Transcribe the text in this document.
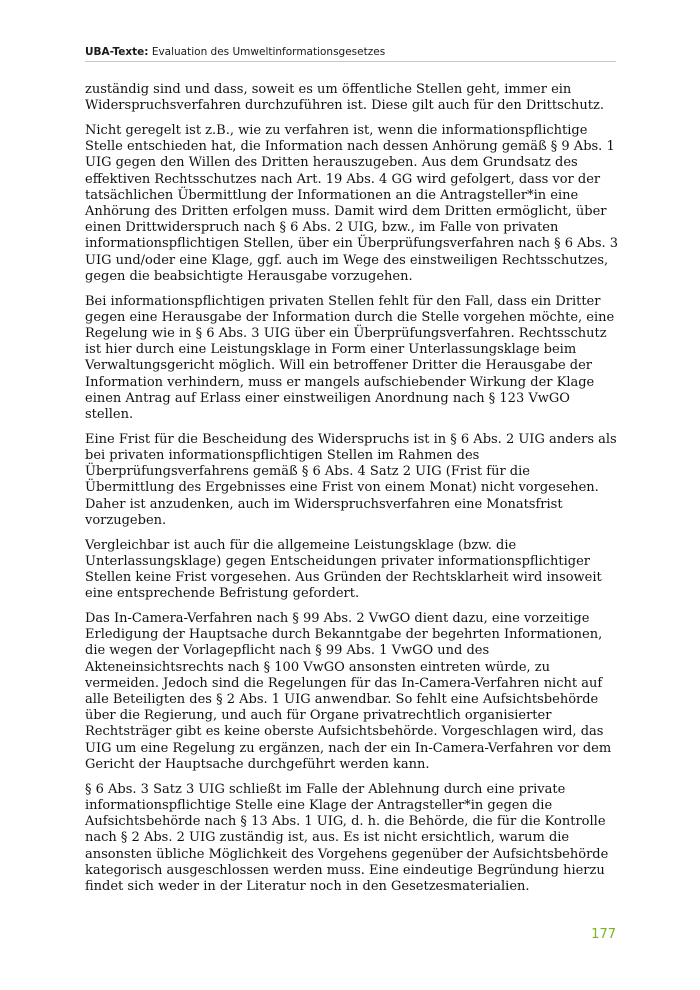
UBA-Texte: Evaluation des Umweltinformationsgesetzes

zuständig sind und dass, soweit es um öffentliche Stellen geht, immer ein Widerspruchsverfahren durchzuführen ist. Diese gilt auch für den Drittschutz.

Nicht geregelt ist z.B., wie zu verfahren ist, wenn die informationspflichtige Stelle entschieden hat, die Information nach dessen Anhörung gemäß § 9 Abs. 1 UIG gegen den Willen des Dritten herauszugeben. Aus dem Grundsatz des effektiven Rechtsschutzes nach Art. 19 Abs. 4 GG wird gefolgert, dass vor der tatsächlichen Übermittlung der Informationen an die Antragsteller*in eine Anhörung des Dritten erfolgen muss. Damit wird dem Dritten ermöglicht, über einen Drittwiderspruch nach § 6 Abs. 2 UIG, bzw., im Falle von privaten informationspflichtigen Stellen, über ein Überprüfungsverfahren nach § 6 Abs. 3 UIG und/oder eine Klage, ggf. auch im Wege des einstweiligen Rechtsschutzes, gegen die beabsichtigte Herausgabe vorzugehen.

Bei informationspflichtigen privaten Stellen fehlt für den Fall, dass ein Dritter gegen eine Herausgabe der Information durch die Stelle vorgehen möchte, eine Regelung wie in § 6 Abs. 3 UIG über ein Überprüfungsverfahren. Rechtsschutz ist hier durch eine Leistungsklage in Form einer Unterlassungsklage beim Verwaltungsgericht möglich. Will ein betroffener Dritter die Herausgabe der Information verhindern, muss er mangels aufschiebender Wirkung der Klage einen Antrag auf Erlass einer einstweiligen Anordnung nach § 123 VwGO stellen.

Eine Frist für die Bescheidung des Widerspruchs ist in § 6 Abs. 2 UIG anders als bei privaten informationspflichtigen Stellen im Rahmen des Überprüfungsverfahrens gemäß § 6 Abs. 4 Satz 2 UIG (Frist für die Übermittlung des Ergebnisses eine Frist von einem Monat) nicht vorgesehen. Daher ist anzudenken, auch im Widerspruchsverfahren eine Monatsfrist vorzugeben.

Vergleichbar ist auch für die allgemeine Leistungsklage (bzw. die Unterlassungsklage) gegen Entscheidungen privater informationspflichtiger Stellen keine Frist vorgesehen. Aus Gründen der Rechtsklarheit wird insoweit eine entsprechende Befristung gefordert.

Das In-Camera-Verfahren nach § 99 Abs. 2 VwGO dient dazu, eine vorzeitige Erledigung der Hauptsache durch Bekanntgabe der begehrten Informationen, die wegen der Vorlagepflicht nach § 99 Abs. 1 VwGO und des Akteneinsichtsrechts nach § 100 VwGO ansonsten eintreten würde, zu vermeiden. Jedoch sind die Regelungen für das In-Camera-Verfahren nicht auf alle Beteiligten des § 2 Abs. 1 UIG anwendbar. So fehlt eine Aufsichtsbehörde über die Regierung, und auch für Organe privatrechtlich organisierter Rechtsträger gibt es keine oberste Aufsichtsbehörde. Vorgeschlagen wird, das UIG um eine Regelung zu ergänzen, nach der ein In-Camera-Verfahren vor dem Gericht der Hauptsache durchgeführt werden kann.

§ 6 Abs. 3 Satz 3 UIG schließt im Falle der Ablehnung durch eine private informationspflichtige Stelle eine Klage der Antragsteller*in gegen die Aufsichtsbehörde nach § 13 Abs. 1 UIG, d. h. die Behörde, die für die Kontrolle nach § 2 Abs. 2 UIG zuständig ist, aus. Es ist nicht ersichtlich, warum die ansonsten übliche Möglichkeit des Vorgehens gegenüber der Aufsichtsbehörde kategorisch ausgeschlossen werden muss. Eine eindeutige Begründung hierzu findet sich weder in der Literatur noch in den Gesetzesmaterialien.

177
